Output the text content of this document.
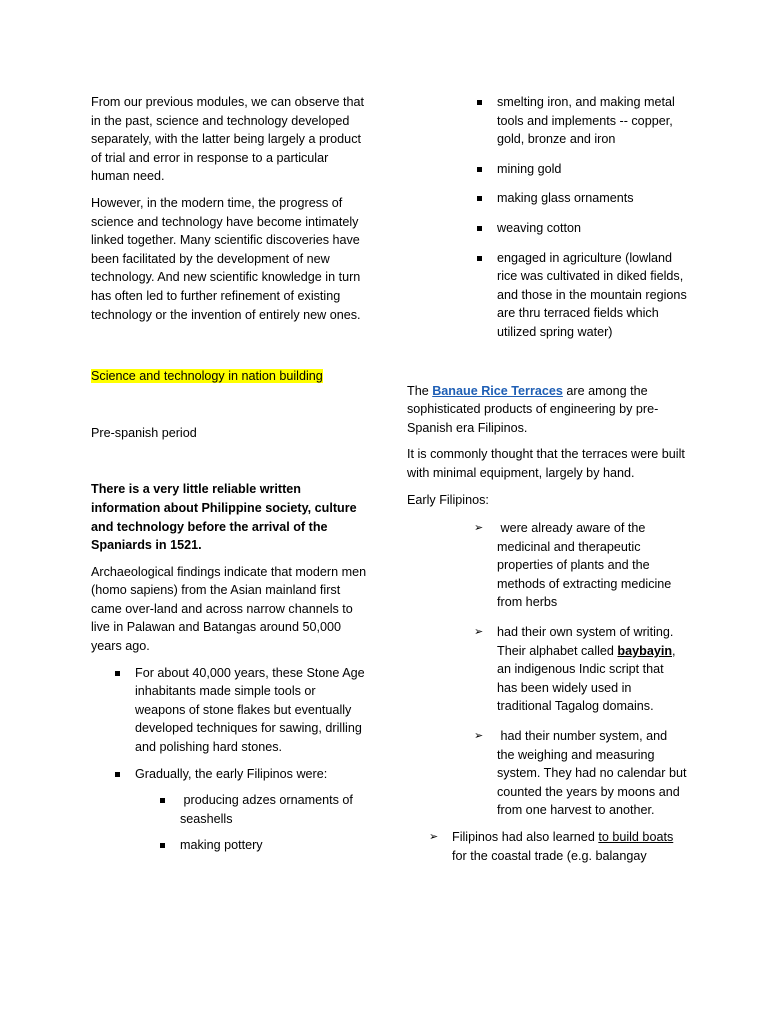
From our previous modules, we can observe that in the past, science and technology developed separately, with the latter being largely a product of trial and error in response to a particular human need.

However, in the modern time, the progress of science and technology have become intimately linked together. Many scientific discoveries have been facilitated by the development of new technology. And new scientific knowledge in turn has often led to further refinement of existing technology or the invention of entirely new ones.

Science and technology in nation building

Pre-spanish period

There is a very little reliable written information about Philippine society, culture and technology before the arrival of the Spaniards in 1521.

Archaeological findings indicate that modern men (homo sapiens) from the Asian mainland first came over-land and across narrow channels to live in Palawan and Batangas around 50,000 years ago.

For about 40,000 years, these Stone Age inhabitants made simple tools or weapons of stone flakes but eventually developed techniques for sawing, drilling and polishing hard stones.
Gradually, the early Filipinos were:
producing adzes ornaments of seashells
making pottery
smelting iron, and making metal tools and implements -- copper, gold, bronze and iron
mining gold
making glass ornaments
weaving cotton
engaged in agriculture (lowland rice was cultivated in diked fields, and those in the mountain regions are thru terraced fields which utilized spring water)

The Banaue Rice Terraces are among the sophisticated products of engineering by pre-Spanish era Filipinos.

It is commonly thought that the terraces were built with minimal equipment, largely by hand.

Early Filipinos:

➢ were already aware of the medicinal and therapeutic properties of plants and the methods of extracting medicine from herbs
➢ had their own system of writing. Their alphabet called baybayin, an indigenous Indic script that has been widely used in traditional Tagalog domains.
➢ had their number system, and the weighing and measuring system. They had no calendar but counted the years by moons and from one harvest to another.
➢ Filipinos had also learned to build boats for the coastal trade (e.g. balangay
